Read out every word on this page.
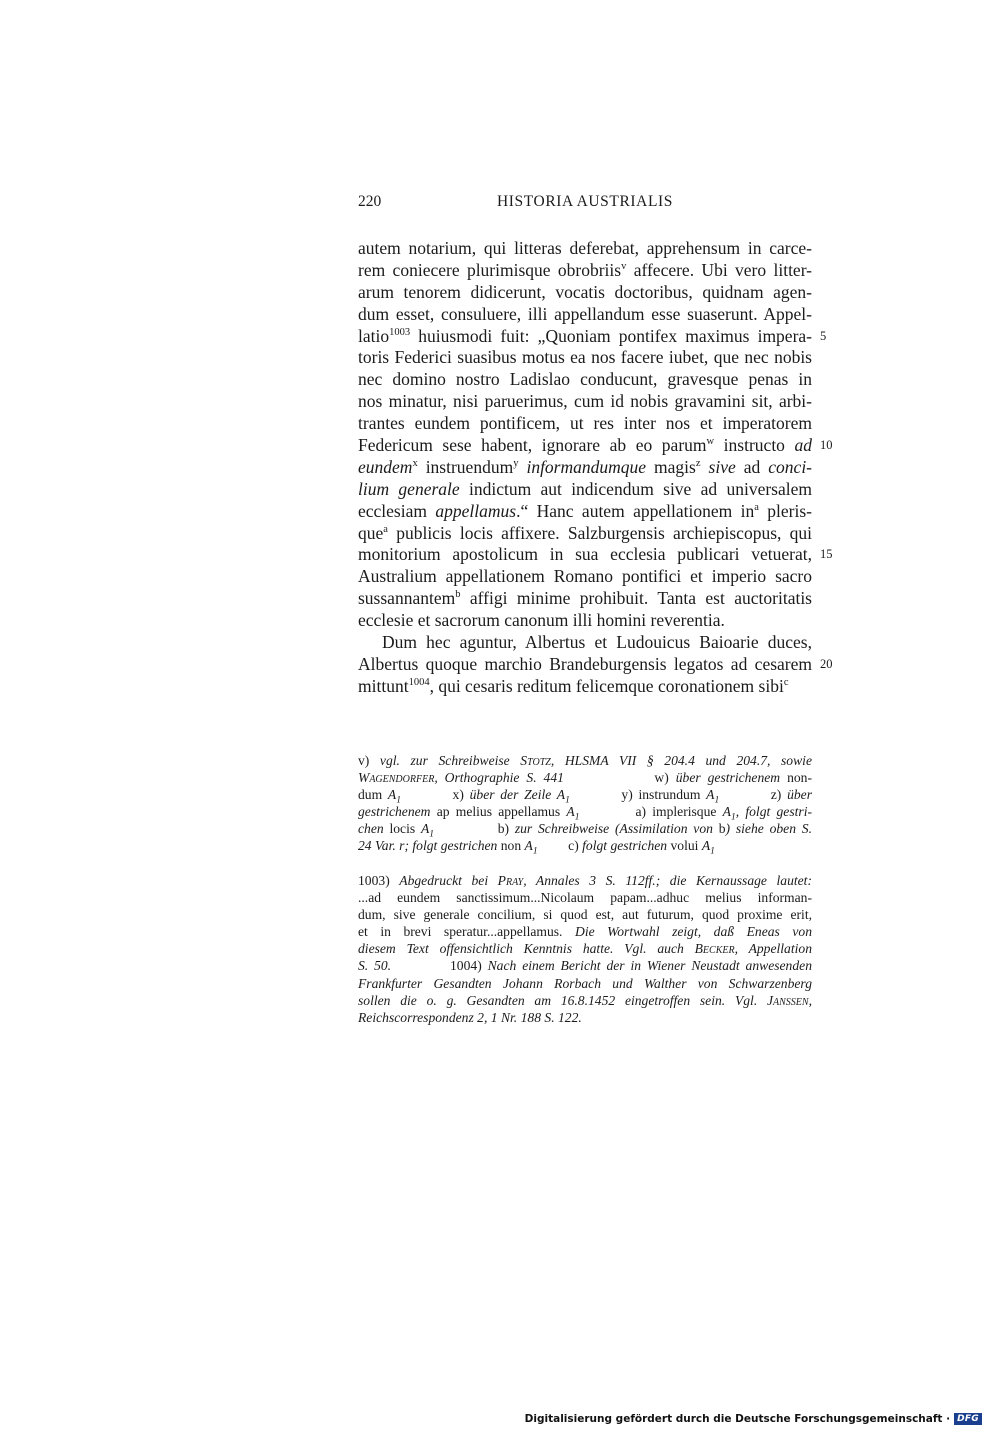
220	HISTORIA AUSTRIALIS
autem notarium, qui litteras deferebat, apprehensum in carce-
rem coniecere plurimisque obrobriis$^v$ affecere. Ubi vero litter-
arum tenorem didicerunt, vocatis doctoribus, quidnam agen-
dum esset, consuluere, illi appellandum esse suaserunt. Appel-
latio$^{1003}$ huiusmodi fuit: „Quoniam pontifex maximus impera- 5
toris Federici suasibus motus ea nos facere iubet, que nec nobis
nec domino nostro Ladislao conducunt, gravesque penas in
nos minatur, nisi paruerimus, cum id nobis gravamini sit, arbi-
trantes eundem pontificem, ut res inter nos et imperatorem
Federicum sese habent, ignorare ab eo parum$^w$ instructo ad 10
eundem$^x$ instruendum$^y$ informandumque magis$^z$ sive ad conci-
lium generale indictum aut indicendum sive ad universalem
ecclesiam appellamus.“ Hanc autem appellationem $in^a$ pleris-
que$^a$ publicis locis affixere. Salzburgensis archiepiscopus, qui
monitorium apostolicum in sua ecclesia publicari vetuerat, 15
Australium appellationem Romano pontifici et imperio sacro
sussannantem$^b$ affigi minime prohibuit. Tanta est auctoritatis
ecclesie et sacrorum canonum illi homini reverentia.
Dum hec aguntur, Albertus et Ludouicus Baioarie duces,
Albertus quoque marchio Brandeburgensis legatos ad cesarem 20
mittunt$^{1004}$, qui cesaris reditum felicemque coronationem sibi$^c$
v) vgl. zur Schreibweise Stotz, HLSMA VII § 204.4 und 204.7, sowie
Wagendorfer, Orthographie S. 441             w) über gestrichenem non-
dum $A_1$         x) über der Zeile $A_1$         y) instrundum $A_1$         z) über
gestrichenem ap melius appellamus $A_1$         a) implerisque $A_1$, folgt gestri-
chen locis $A_1$           b) zur Schreibweise (Assimilation von b) siehe oben S.
24 Var. r; folgt gestrichen non $A_1$         c) folgt gestrichen volui $A_1$
1003) Abgedruckt bei Pray, Annales 3 S. 112ff.; die Kernaussage lautet:
...ad eundem sanctissimum...Nicolaum papam...adhuc melius informan-
dum, sive generale concilium, si quod est, aut futurum, quod proxime erit,
et in brevi speratur...appellamus. Die Wortwahl zeigt, daß Eneas von
diesem Text offensichtlich Kenntnis hatte. Vgl. auch Becker, Appellation
S. 50.          1004) Nach einem Bericht der in Wiener Neustadt anwesenden
Frankfurter Gesandten Johann Rorbach und Walther von Schwarzenberg
sollen die o. g. Gesandten am 16.8.1452 eingetroffen sein. Vgl. Janssen,
Reichscorrespondenz 2, 1 Nr. 188 S. 122.
Digitalisierung gefördert durch die Deutsche Forschungsgemeinschaft · DFG
